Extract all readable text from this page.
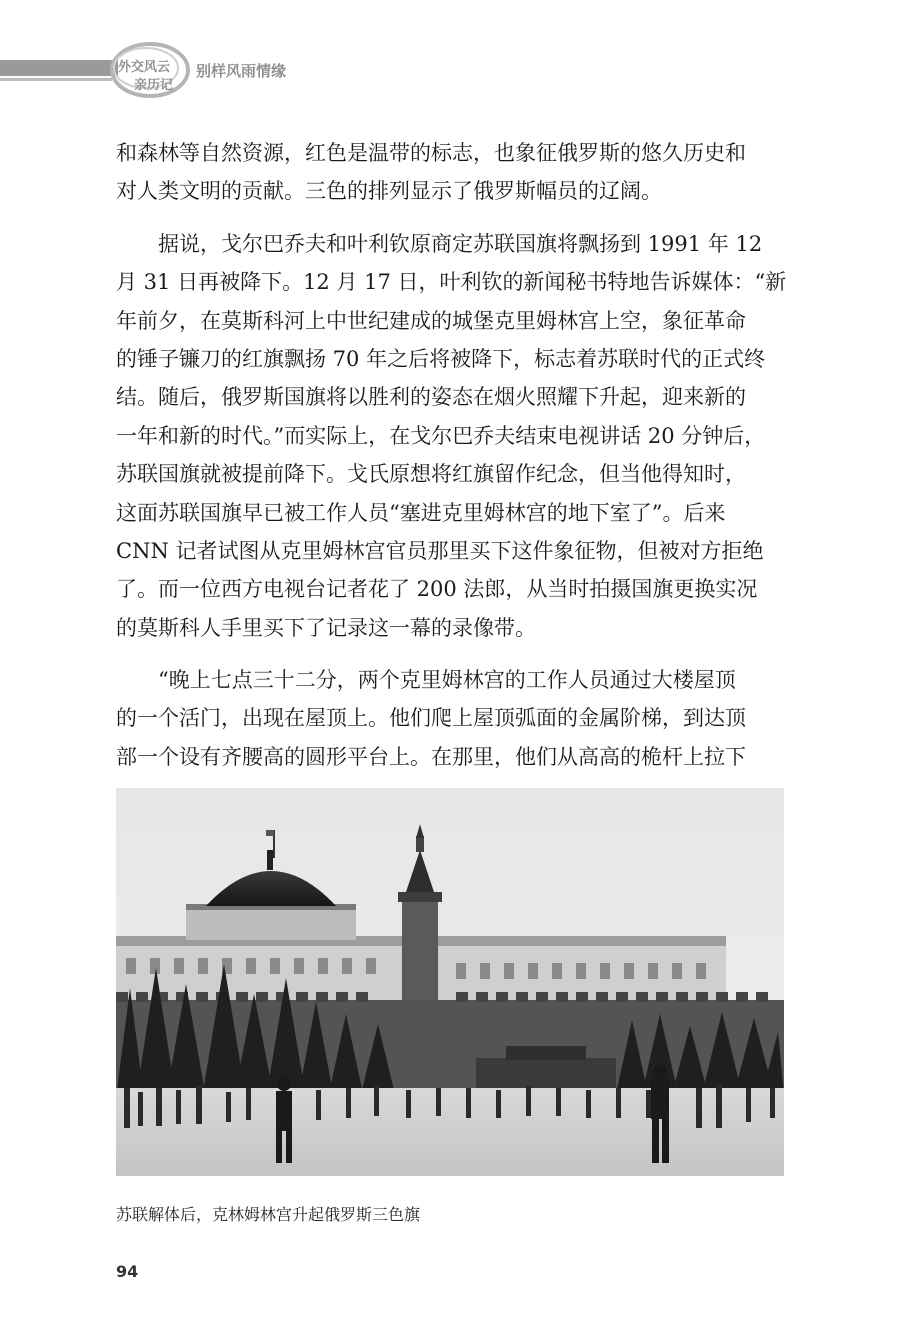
外交风云
亲历记
别样风雨情缘
和森林等自然资源，红色是温带的标志，也象征俄罗斯的悠久历史和
对人类文明的贡献。三色的排列显示了俄罗斯幅员的辽阔。
据说，戈尔巴乔夫和叶利钦原商定苏联国旗将飘扬到 1991 年 12
月 31 日再被降下。12 月 17 日，叶利钦的新闻秘书特地告诉媒体：“新
年前夕，在莫斯科河上中世纪建成的城堡克里姆林宫上空，象征革命
的锤子镰刀的红旗飘扬 70 年之后将被降下，标志着苏联时代的正式终
结。随后，俄罗斯国旗将以胜利的姿态在烟火照耀下升起，迎来新的
一年和新的时代。”而实际上，在戈尔巴乔夫结束电视讲话 20 分钟后，
苏联国旗就被提前降下。戈氏原想将红旗留作纪念，但当他得知时，
这面苏联国旗早已被工作人员“塞进克里姆林宫的地下室了”。后来
CNN 记者试图从克里姆林宫官员那里买下这件象征物，但被对方拒绝
了。而一位西方电视台记者花了 200 法郎，从当时拍摄国旗更换实况
的莫斯科人手里买下了记录这一幕的录像带。
“晚上七点三十二分，两个克里姆林宫的工作人员通过大楼屋顶
的一个活门，出现在屋顶上。他们爬上屋顶弧面的金属阶梯，到达顶
部一个设有齐腰高的圆形平台上。在那里，他们从高高的桅杆上拉下
苏联解体后，克林姆林宫升起俄罗斯三色旗
94
